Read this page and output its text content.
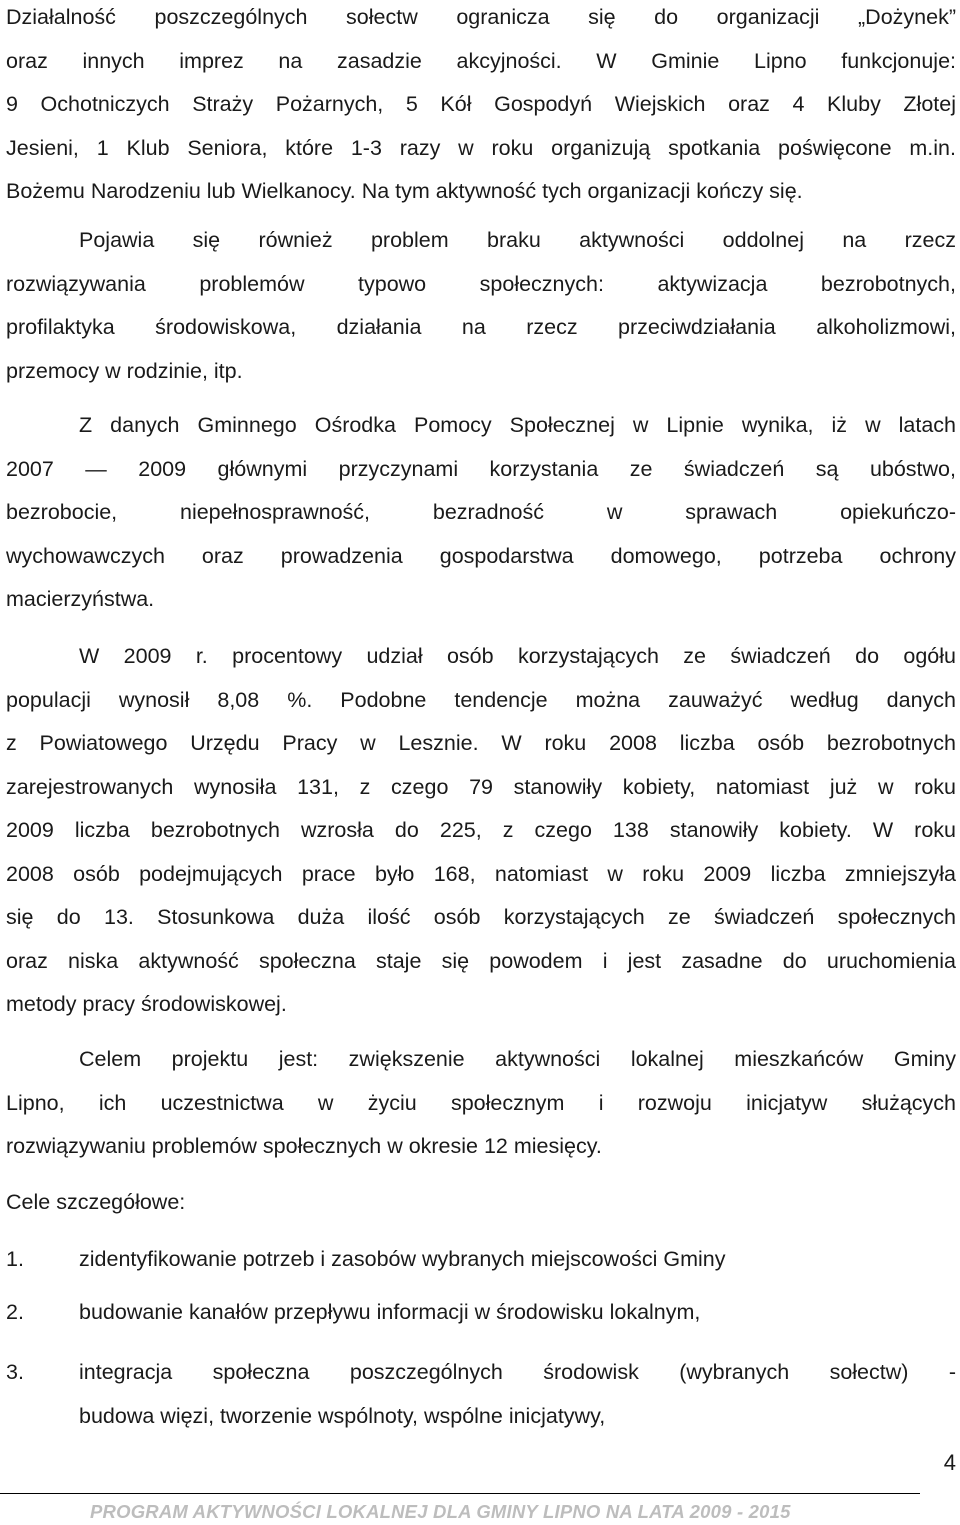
Działalność poszczególnych sołectw ogranicza się do organizacji „Dożynek”
oraz innych imprez na zasadzie akcyjności. W Gminie Lipno funkcjonuje:
9 Ochotniczych Straży Pożarnych, 5 Kół Gospodyń Wiejskich oraz 4 Kluby Złotej
Jesieni, 1 Klub Seniora, które 1-3 razy w roku organizują spotkania poświęcone m.in.
Bożemu Narodzeniu lub Wielkanocy. Na tym aktywność tych organizacji kończy się.
Pojawia się również problem braku aktywności oddolnej na rzecz
rozwiązywania problemów typowo społecznych: aktywizacja bezrobotnych,
profilaktyka środowiskowa, działania na rzecz przeciwdziałania alkoholizmowi,
przemocy w rodzinie, itp.
Z danych Gminnego Ośrodka Pomocy Społecznej w Lipnie wynika, iż w latach
2007 — 2009 głównymi przyczynami korzystania ze świadczeń są ubóstwo,
bezrobocie, niepełnosprawność, bezradność w sprawach opiekuńczo-
wychowawczych oraz prowadzenia gospodarstwa domowego, potrzeba ochrony
macierzyństwa.
W 2009 r. procentowy udział osób korzystających ze świadczeń do ogółu
populacji wynosił 8,08 %. Podobne tendencje można zauważyć według danych
z Powiatowego Urzędu Pracy w Lesznie. W roku 2008 liczba osób bezrobotnych
zarejestrowanych wynosiła 131, z czego 79 stanowiły kobiety, natomiast już w roku
2009 liczba bezrobotnych wzrosła do 225, z czego 138 stanowiły kobiety. W roku
2008 osób podejmujących prace było 168, natomiast w roku 2009 liczba zmniejszyła
się do 13. Stosunkowa duża ilość osób korzystających ze świadczeń społecznych
oraz niska aktywność społeczna staje się powodem i jest zasadne do uruchomienia
metody pracy środowiskowej.
Celem projektu jest: zwiększenie aktywności lokalnej mieszkańców Gminy
Lipno, ich uczestnictwa w życiu społecznym i rozwoju inicjatyw służących
rozwiązywaniu problemów społecznych w okresie 12 miesięcy.
Cele szczegółowe:
1.	zidentyfikowanie potrzeb i zasobów wybranych miejscowości Gminy
2.	budowanie kanałów przepływu informacji w środowisku lokalnym,
3.	integracja społeczna poszczególnych środowisk (wybranych sołectw) -
budowa więzi, tworzenie wspólnoty, wspólne inicjatywy,
4
PROGRAM AKTYWNOŚCI LOKALNEJ DLA GMINY LIPNO NA LATA 2009 - 2015
